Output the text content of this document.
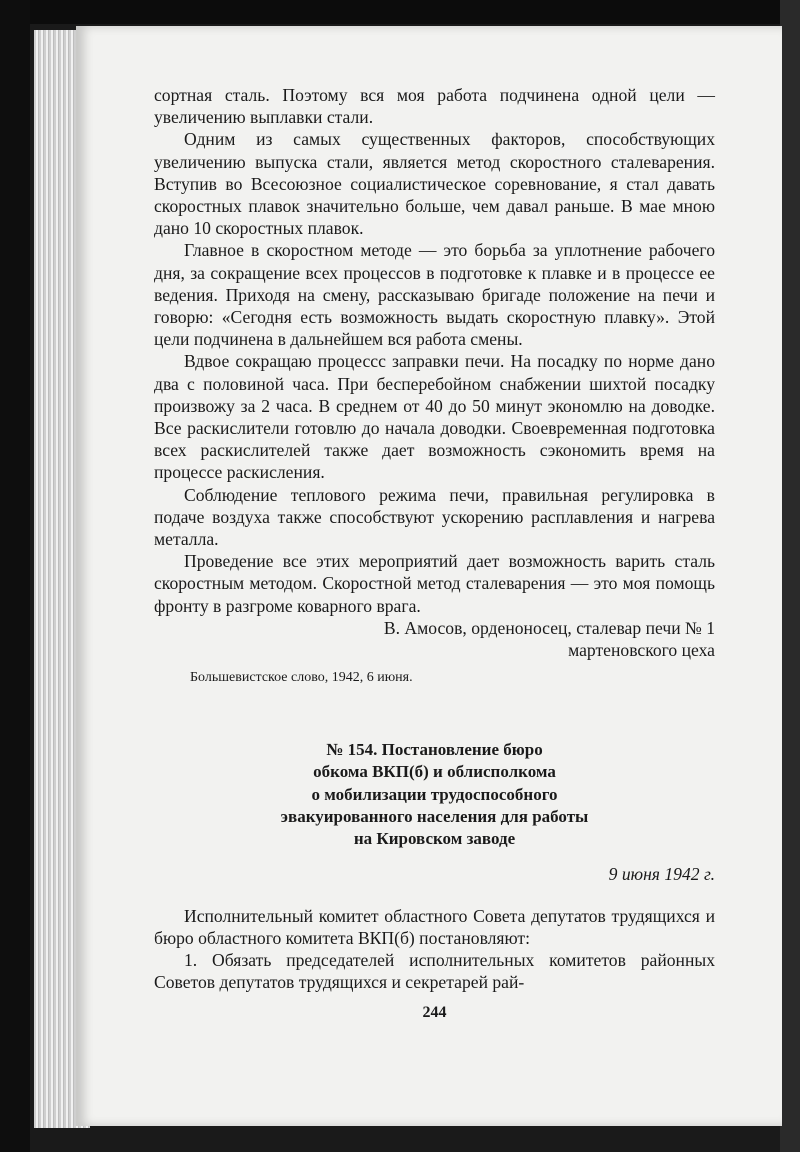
сортная сталь. Поэтому вся моя работа подчинена одной цели — увеличению выплавки стали.

Одним из самых существенных факторов, способствующих увеличению выпуска стали, является метод скоростного сталеварения. Вступив во Всесоюзное социалистическое соревнование, я стал давать скоростных плавок значительно больше, чем давал раньше. В мае мною дано 10 скоростных плавок.

Главное в скоростном методе — это борьба за уплотнение рабочего дня, за сокращение всех процессов в подготовке к плавке и в процессе ее ведения. Приходя на смену, рассказываю бригаде положение на печи и говорю: «Сегодня есть возможность выдать скоростную плавку». Этой цели подчинена в дальнейшем вся работа смены.

Вдвое сокращаю процессс заправки печи. На посадку по норме дано два с половиной часа. При бесперебойном снабжении шихтой посадку произвожу за 2 часа. В среднем от 40 до 50 минут экономлю на доводке. Все раскислители готовлю до начала доводки. Своевременная подготовка всех раскислителей также дает возможность сэкономить время на процессе раскисления.

Соблюдение теплового режима печи, правильная регулировка в подаче воздуха также способствуют ускорению расплавления и нагрева металла.

Проведение все этих мероприятий дает возможность варить сталь скоростным методом. Скоростной метод сталеварения — это моя помощь фронту в разгроме коварного врага.

В. Амосов, орденоносец, сталевар печи № 1

мартеновского цеха

Большевистское слово, 1942, 6 июня.

№ 154. Постановление бюро
обкома ВКП(б) и облисполкома
о мобилизации трудоспособного
эвакуированного населения для работы
на Кировском заводе

9 июня 1942 г.

Исполнительный комитет областного Совета депутатов трудящихся и бюро областного комитета ВКП(б) постановляют:

1. Обязать председателей исполнительных комитетов районных Советов депутатов трудящихся и секретарей рай-

244
